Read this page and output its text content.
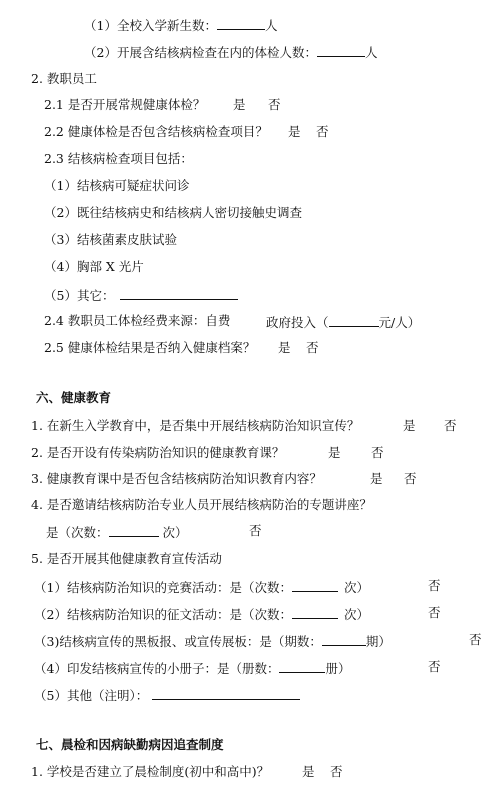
（1）全校入学新生数：	人
（2）开展含结核病检查在内的体检人数：	人
2. 教职员工
2.1 是否开展常规健康体检？ 是 否
2.2 健康体检是否包含结核病检查项目？ 是 否
2.3 结核病检查项目包括：
（1）结核病可疑症状问诊
（2）既往结核病史和结核病人密切接触史调查
（3）结核菌素皮肤试验
（4）胸部 X 光片
（5）其它：
2.4 教职员工体检经费来源：自费	政府投入（	元/人）
2.5 健康体检结果是否纳入健康档案？ 是 否
六、健康教育
1. 在新生入学教育中，是否集中开展结核病防治知识宣传？	是 否
2. 是否开设有传染病防治知识的健康教育课？	是 否
3. 健康教育课中是否包含结核病防治知识教育内容？	是 否
4. 是否邀请结核病防治专业人员开展结核病防治的专题讲座？
是（次数：	次）	否
5. 是否开展其他健康教育宣传活动
（1）结核病防治知识的竞赛活动：是（次数：	次）	否
（2）结核病防治知识的征文活动：是（次数：	次）	否
（3)结核病宣传的黑板报、或宣传展板：是（期数：	期）	否
（4）印发结核病宣传的小册子：是（册数：	册）	否
（5）其他（注明）：
七、晨检和因病缺勤病因追查制度
1. 学校是否建立了晨检制度(初中和高中)？	是 否
